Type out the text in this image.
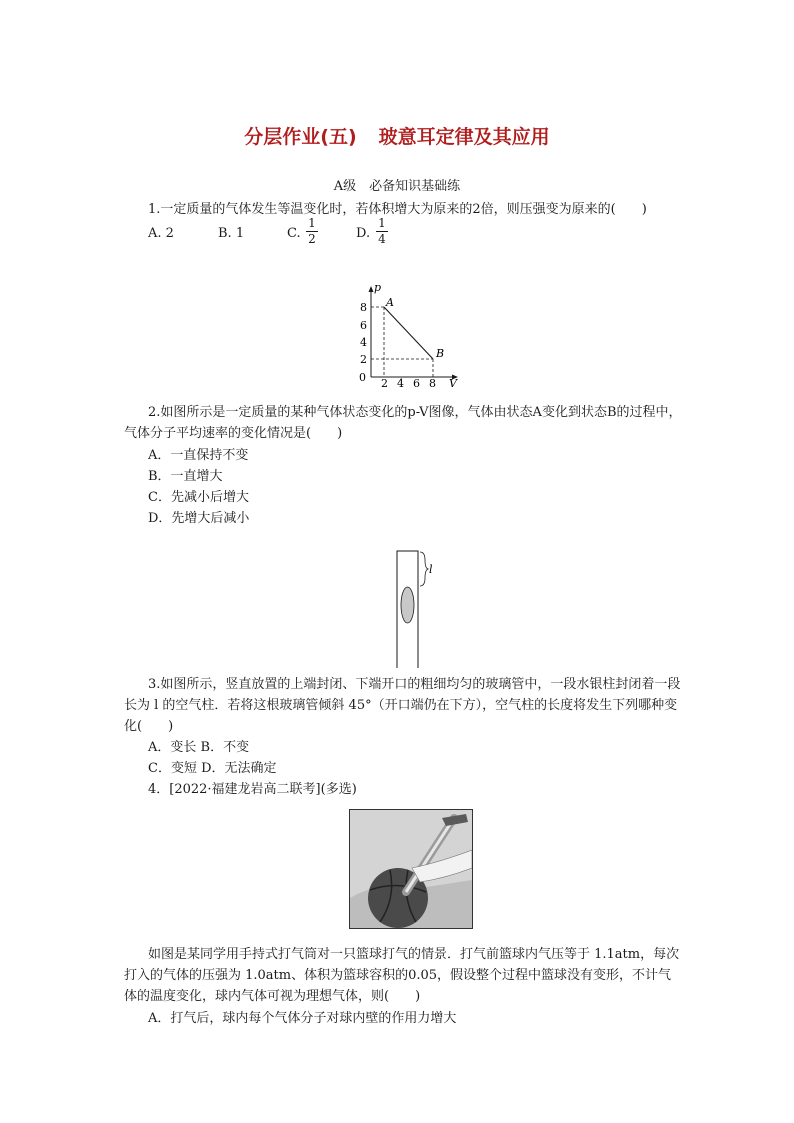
分层作业(五) 玻意耳定律及其应用
A级　必备知识基础练
1.一定质量的气体发生等温变化时，若体积增大为原来的2倍，则压强变为原来的(　　)
A. 2	B. 1	C. $\frac{1}{2}$	D. $\frac{1}{4}$
p
V
0
8
6
4
2
2 4 6 8
A
B
2.如图所示是一定质量的某种气体状态变化的p-V图像，气体由状态A变化到状态B的过程中，气体分子平均速率的变化情况是(　　)
A．一直保持不变
B．一直增大
C．先减小后增大
D．先增大后减小
l
3.如图所示，竖直放置的上端封闭、下端开口的粗细均匀的玻璃管中，一段水银柱封闭着一段长为 l 的空气柱．若将这根玻璃管倾斜 45°（开口端仍在下方），空气柱的长度将发生下列哪种变化(　　)
A．变长 B．不变
C．变短 D．无法确定
4．[2022·福建龙岩高二联考](多选)
如图是某同学用手持式打气筒对一只篮球打气的情景．打气前篮球内气压等于 1.1atm，每次打入的气体的压强为 1.0atm、体积为篮球容积的0.05，假设整个过程中篮球没有变形，不计气体的温度变化，球内气体可视为理想气体，则(　　)
A．打气后，球内每个气体分子对球内壁的作用力增大
